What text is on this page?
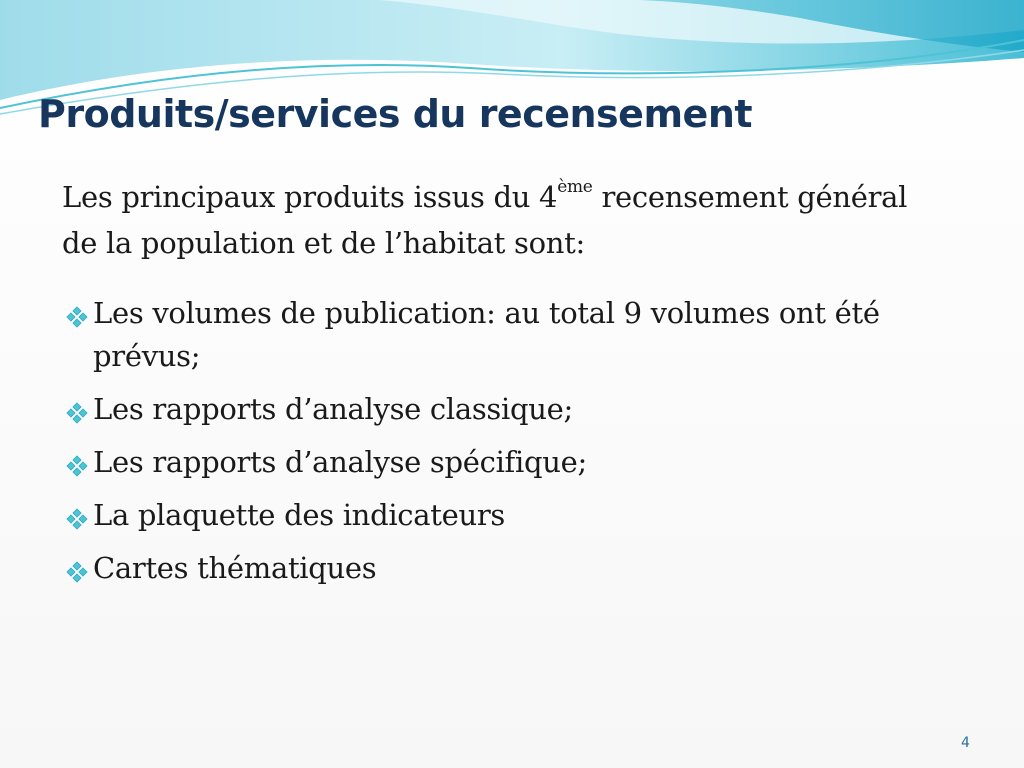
Produits/services du recensement

Les principaux produits issus du 4ème recensement général de la population et de l’habitat sont:

Les volumes de publication: au total 9 volumes ont été prévus;
Les rapports d’analyse classique;
Les rapports d’analyse spécifique;
La plaquette des indicateurs
Cartes thématiques
4
